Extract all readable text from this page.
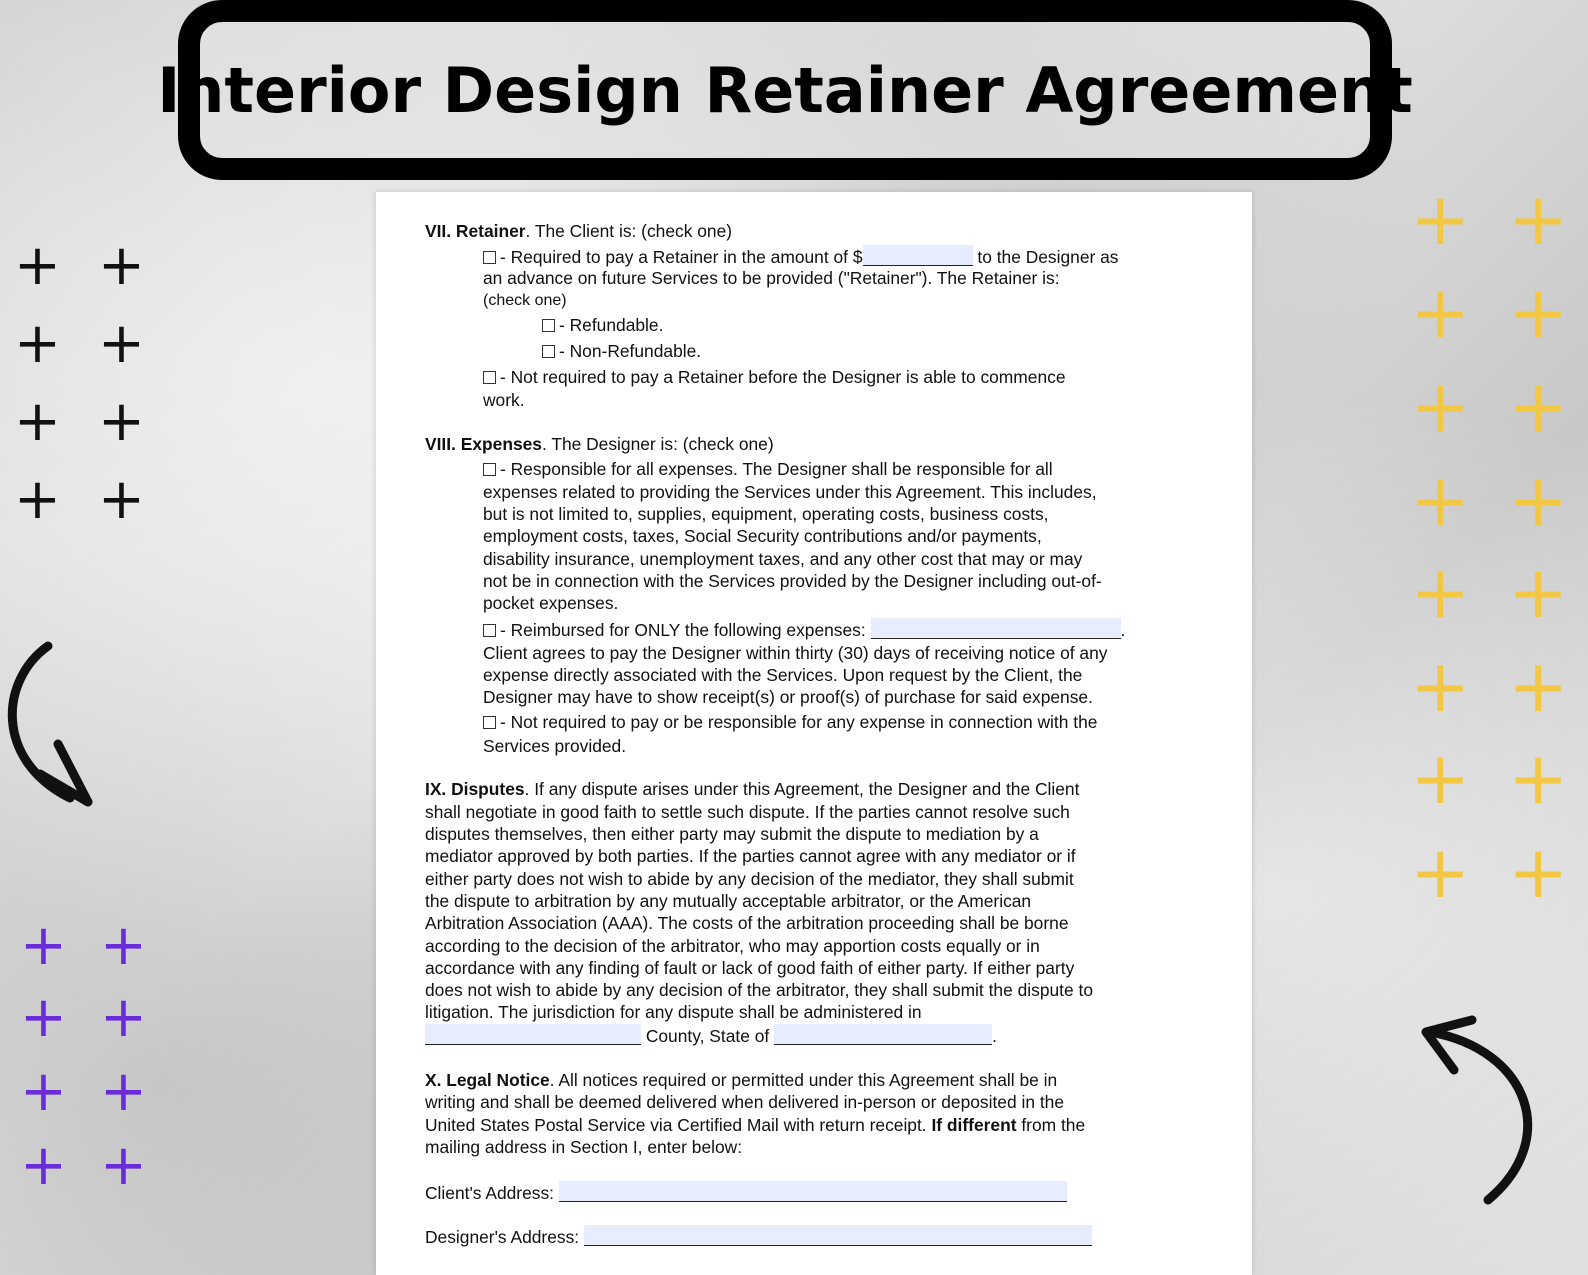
Interior Design Retainer Agreement
+ +
+ +
+ +
+ +
+ +
+ +
+ +
+ +
+ +
+ +
+ +
+ +
+ +
+ +
+ +
+ +
VII. Retainer. The Client is: (check one)
- Required to pay a Retainer in the amount of $	to the Designer as
an advance on future Services to be provided ("Retainer"). The Retainer is:
(check one)
- Refundable.
- Non-Refundable.
- Not required to pay a Retainer before the Designer is able to commence
work.
VIII. Expenses. The Designer is: (check one)
- Responsible for all expenses. The Designer shall be responsible for all
expenses related to providing the Services under this Agreement. This includes,
but is not limited to, supplies, equipment, operating costs, business costs,
employment costs, taxes, Social Security contributions and/or payments,
disability insurance, unemployment taxes, and any other cost that may or may
not be in connection with the Services provided by the Designer including out-of-
pocket expenses.
- Reimbursed for ONLY the following expenses:	.
Client agrees to pay the Designer within thirty (30) days of receiving notice of any
expense directly associated with the Services. Upon request by the Client, the
Designer may have to show receipt(s) or proof(s) of purchase for said expense.
- Not required to pay or be responsible for any expense in connection with the
Services provided.
IX. Disputes. If any dispute arises under this Agreement, the Designer and the Client
shall negotiate in good faith to settle such dispute. If the parties cannot resolve such
disputes themselves, then either party may submit the dispute to mediation by a
mediator approved by both parties. If the parties cannot agree with any mediator or if
either party does not wish to abide by any decision of the mediator, they shall submit
the dispute to arbitration by any mutually acceptable arbitrator, or the American
Arbitration Association (AAA). The costs of the arbitration proceeding shall be borne
according to the decision of the arbitrator, who may apportion costs equally or in
accordance with any finding of fault or lack of good faith of either party. If either party
does not wish to abide by any decision of the arbitrator, they shall submit the dispute to
litigation. The jurisdiction for any dispute shall be administered in
County, State of	.
X. Legal Notice. All notices required or permitted under this Agreement shall be in
writing and shall be deemed delivered when delivered in-person or deposited in the
United States Postal Service via Certified Mail with return receipt. If different from the
mailing address in Section I, enter below:
Client's Address:
Designer's Address:
